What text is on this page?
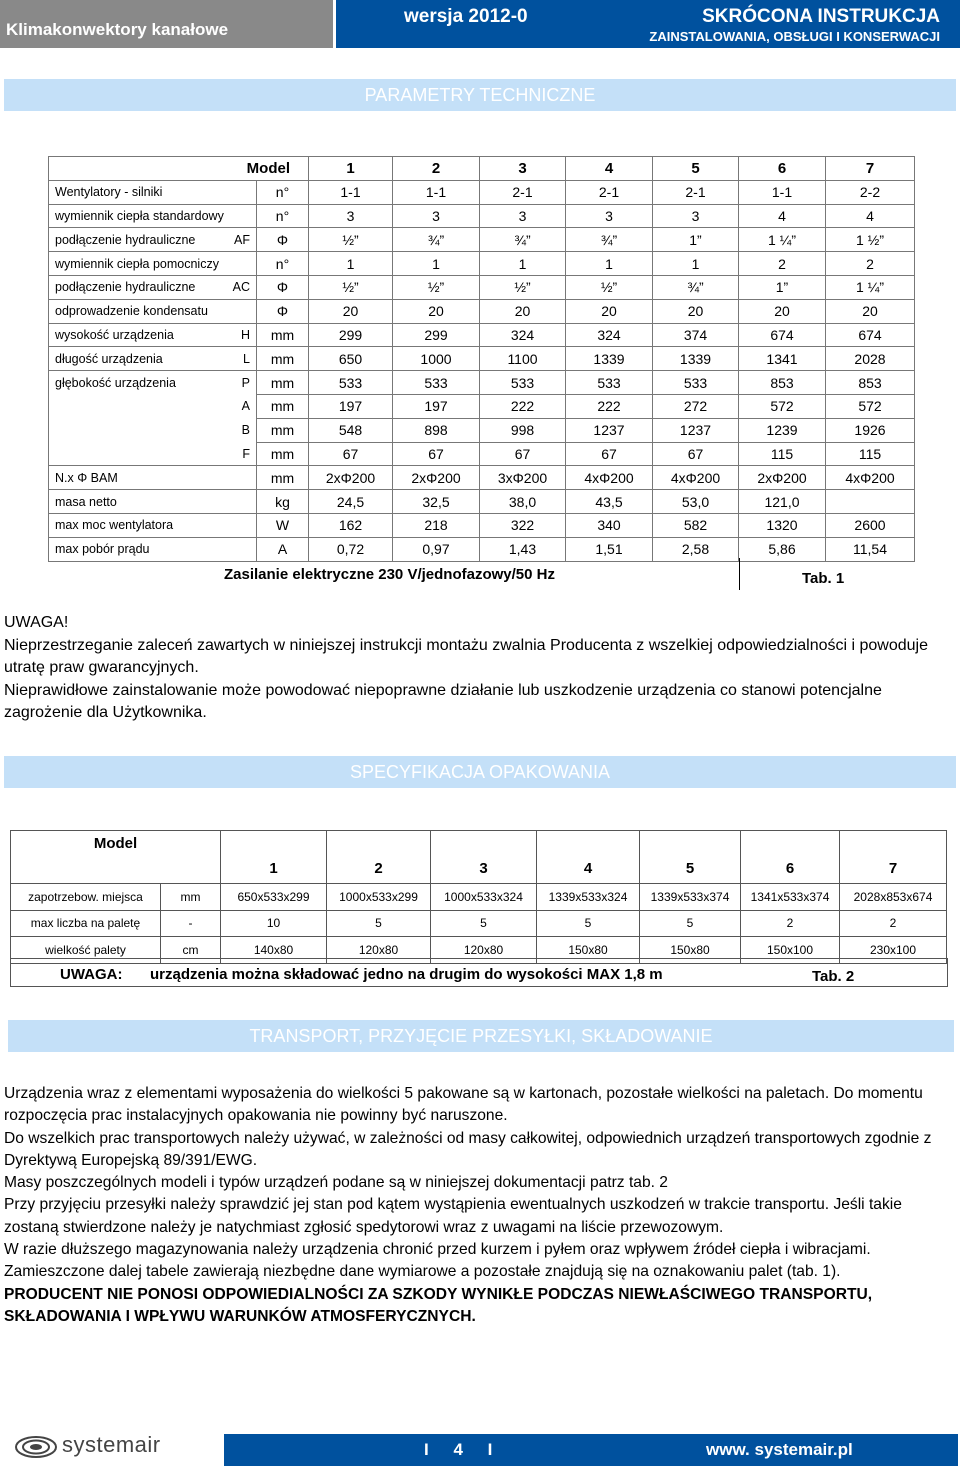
Klimakonwektory kanałowe
wersja 2012-0	SKRÓCONA INSTRUKCJA
ZAINSTALOWANIA, OBSŁUGI I KONSERWACJI
PARAMETRY TECHNICZNE
Model		1	2	3	4	5	6	7

Wentylatory - silniki	n°	1-1	1-1	2-1	2-1	2-1	1-1	2-2

wymiennik ciepła standardowy	n°	3	3	3	3	3	4	4

podłączenie hydrauliczne AF	Φ	½”	¾”	¾”	¾”	1”	1 ¼”	1 ½”

wymiennik ciepła pomocniczy	n°	1	1	1	1	1	2	2

podłączenie hydrauliczne AC	Φ	½”	½”	½”	½”	¾”	1”	1 ¼”

odprowadzenie kondensatu	Φ	20	20	20	20	20	20	20

wysokość urządzenia H	mm	299	299	324	324	374	674	674

długość urządzenia L	mm	650	1000	1100	1339	1339	1341	2028

głębokość urządzenia P	mm	533	533	533	533	533	853	853

A	mm	197	197	222	222	272	572	572

B	mm	548	898	998	1237	1237	1239	1926

F	mm	67	67	67	67	67	115	115

N.x Φ BAM	mm	2xΦ200	2xΦ200	3xΦ200	4xΦ200	4xΦ200	2xΦ200	4xΦ200

masa netto	kg	24,5	32,5	38,0	43,5	53,0	121,0	

max moc wentylatora	W	162	218	322	340	582	1320	2600

max pobór prądu	A	0,72	0,97	1,43	1,51	2,58	5,86	11,54
Zasilanie elektryczne 230 V/jednofazowy/50 Hz	Tab. 1

UWAGA!

Nieprzestrzeganie zaleceń zawartych w niniejszej instrukcji montażu zwalnia Producenta z wszelkiej odpowiedzialności i powoduje utratę praw gwarancyjnych.

Nieprawidłowe zainstalowanie może powodować niepoprawne działanie lub uszkodzenie urządzenia co stanowi potencjalne zagrożenie dla Użytkownika.

SPECYFIKACJA OPAKOWANIA
Model		1	2	3	4	5	6	7
zapotrzebow. miejsca	mm	650x533x299	1000x533x299	1000x533x324	1339x533x324	1339x533x374	1341x533x374	2028x853x674
max liczba na paletę	-	10	5	5	5	5	2	2
wielkość palety	cm	140x80	120x80	120x80	150x80	150x80	150x100	230x100
UWAGA: urządzenia można składować jedno na drugim do wysokości MAX 1,8 m	Tab. 2
TRANSPORT, PRZYJĘCIE PRZESYŁKI, SKŁADOWANIE

Urządzenia wraz z elementami wyposażenia do wielkości 5 pakowane są w kartonach, pozostałe wielkości na paletach. Do momentu rozpoczęcia prac instalacyjnych opakowania nie powinny być naruszone.

Do wszelkich prac transportowych należy używać, w zależności od masy całkowitej, odpowiednich urządzeń transportowych zgodnie z Dyrektywą Europejską 89/391/EWG.

Masy poszczególnych modeli i typów urządzeń podane są w niniejszej dokumentacji patrz tab. 2

Przy przyjęciu przesyłki należy sprawdzić jej stan pod kątem wystąpienia ewentualnych uszkodzeń w trakcie transportu. Jeśli takie zostaną stwierdzone należy je natychmiast zgłosić spedytorowi wraz z uwagami na liście przewozowym.

W razie dłuższego magazynowania należy urządzenia chronić przed kurzem i pyłem oraz wpływem źródeł ciepła i wibracjami.

Zamieszczone dalej tabele zawierają niezbędne dane wymiarowe a pozostałe znajdują się na oznakowaniu palet (tab. 1).

PRODUCENT NIE PONOSI ODPOWIEDIALNOŚCI ZA SZKODY WYNIKŁE PODCZAS NIEWŁAŚCIWEGO TRANSPORTU, SKŁADOWANIA I WPŁYWU WARUNKÓW ATMOSFERYCZNYCH.

systemair	I 4 I	www. systemair.pl
